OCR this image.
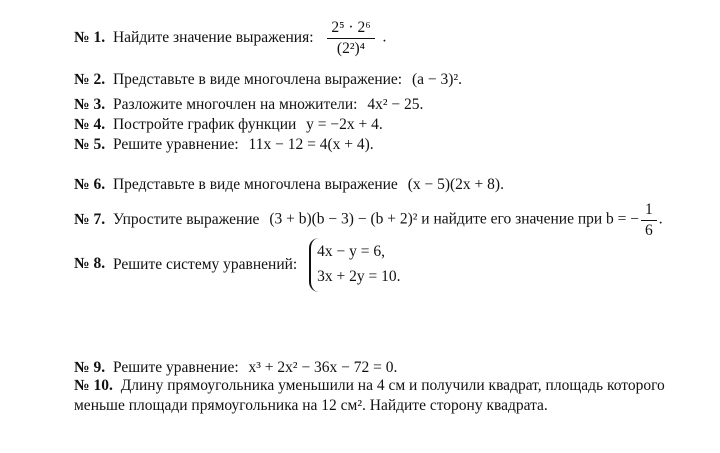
№ 1. Найдите значение выражения: $\frac{\text{2⁵ · 2⁶}}{\text{(2²)⁴}}$ .
№ 2. Представьте в виде многочлена выражение: (a − 3)².
№ 3. Разложите многочлен на множители: 4x² − 25.
№ 4. Постройте график функции y = −2x + 4.
№ 5. Решите уравнение: 11x − 12 = 4(x + 4).
№ 6. Представьте в виде многочлена выражение (x − 5)(2x + 8).
№ 7. Упростите выражение (3 + b)(b − 3) − (b + 2)² и найдите его значение при b = − $\frac{1}{6}$ .
№ 8. Решите систему уравнений:
4x − y = 6,
3x + 2y = 10.
№ 9. Решите уравнение: x³ + 2x² − 36x − 72 = 0.
№ 10. Длину прямоугольника уменьшили на 4 см и получили квадрат, площадь которого
меньше площади прямоугольника на 12 см². Найдите сторону квадрата.
